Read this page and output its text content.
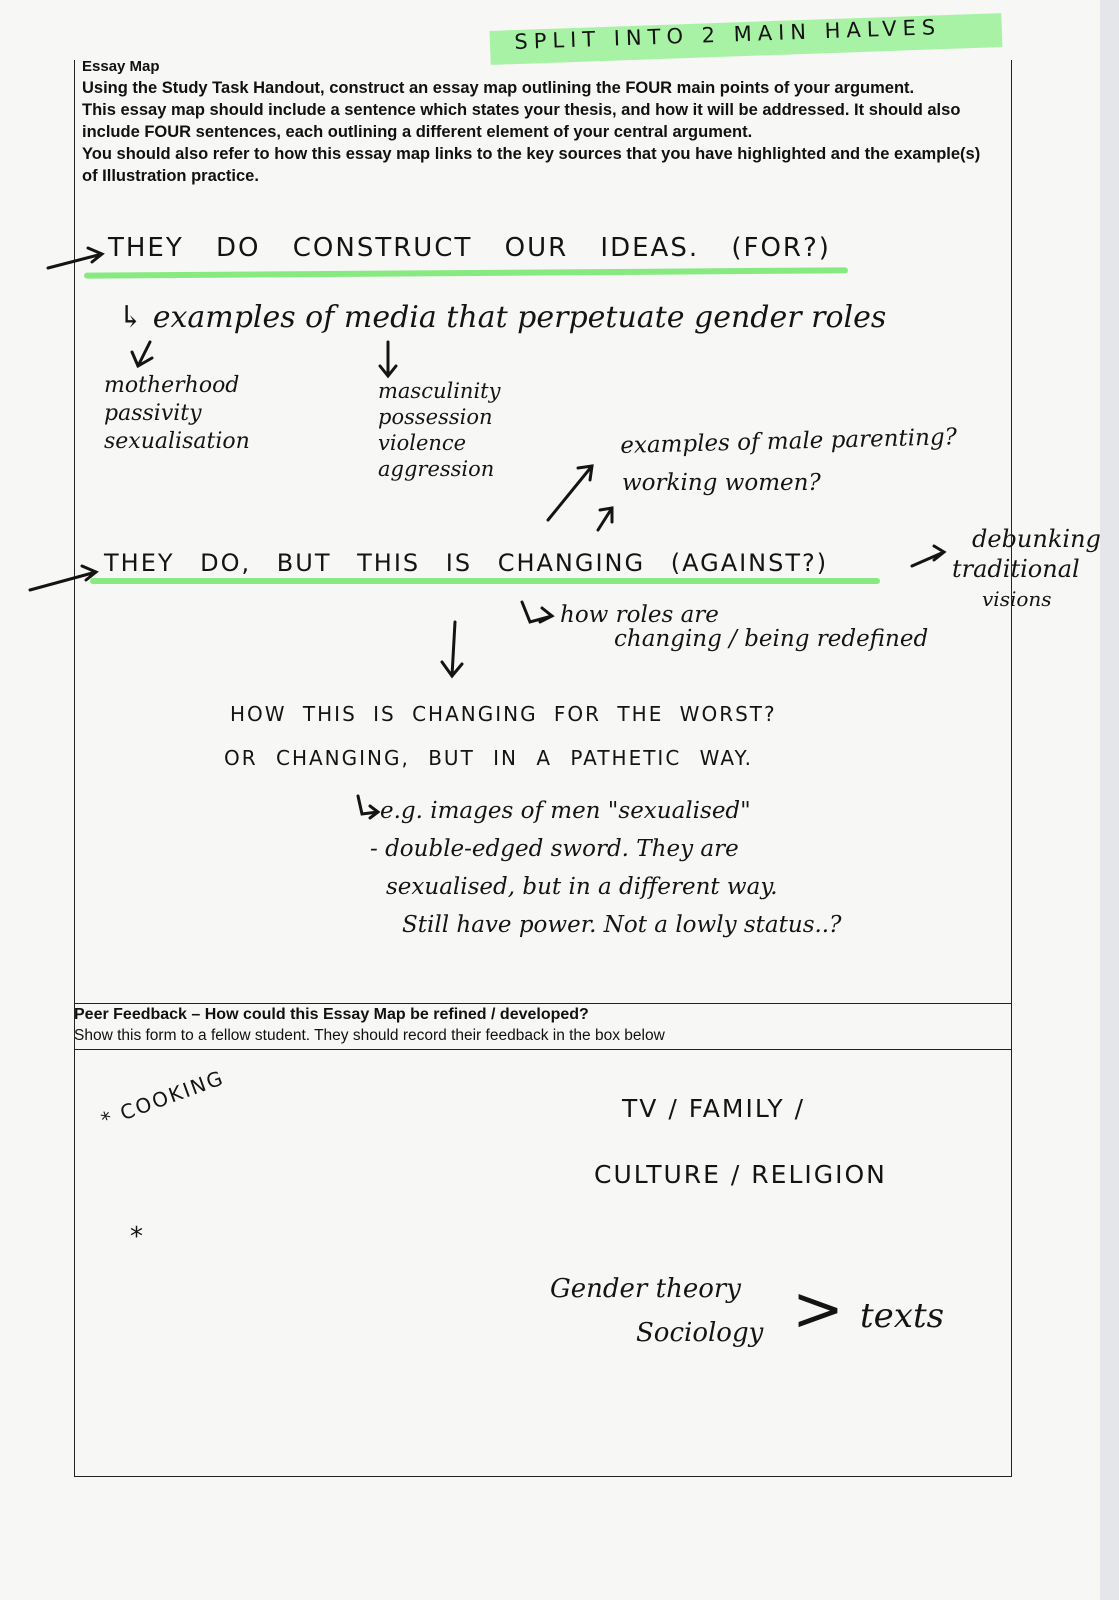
Essay Map
Using the Study Task Handout, construct an essay map outlining the FOUR main points of your argument.
This essay map should include a sentence which states your thesis, and how it will be addressed. It should also include FOUR sentences, each outlining a different element of your central argument.
You should also refer to how this essay map links to the key sources that you have highlighted and the example(s) of Illustration practice.
Peer Feedback – How could this Essay Map be refined / developed?
Show this form to a fellow student. They should record their feedback in the box below
SPLIT INTO 2 MAIN HALVES
THEY DO CONSTRUCT OUR IDEAS. (FOR?)
↳ examples of media that perpetuate gender roles
motherhood
passivity
sexualisation
masculinity
possession
violence
aggression
examples of male parenting?
working women?
THEY DO, BUT THIS IS CHANGING (AGAINST?)
debunking
traditional
visions
how roles are
changing / being redefined
HOW THIS IS CHANGING FOR THE WORST?
OR CHANGING, BUT IN A PATHETIC WAY.
e.g. images of men "sexualised"
- double-edged sword. They are
sexualised, but in a different way.
Still have power. Not a lowly status..?
* COOKING
*
TV / FAMILY /
CULTURE / RELIGION
Gender theory
Sociology > texts
